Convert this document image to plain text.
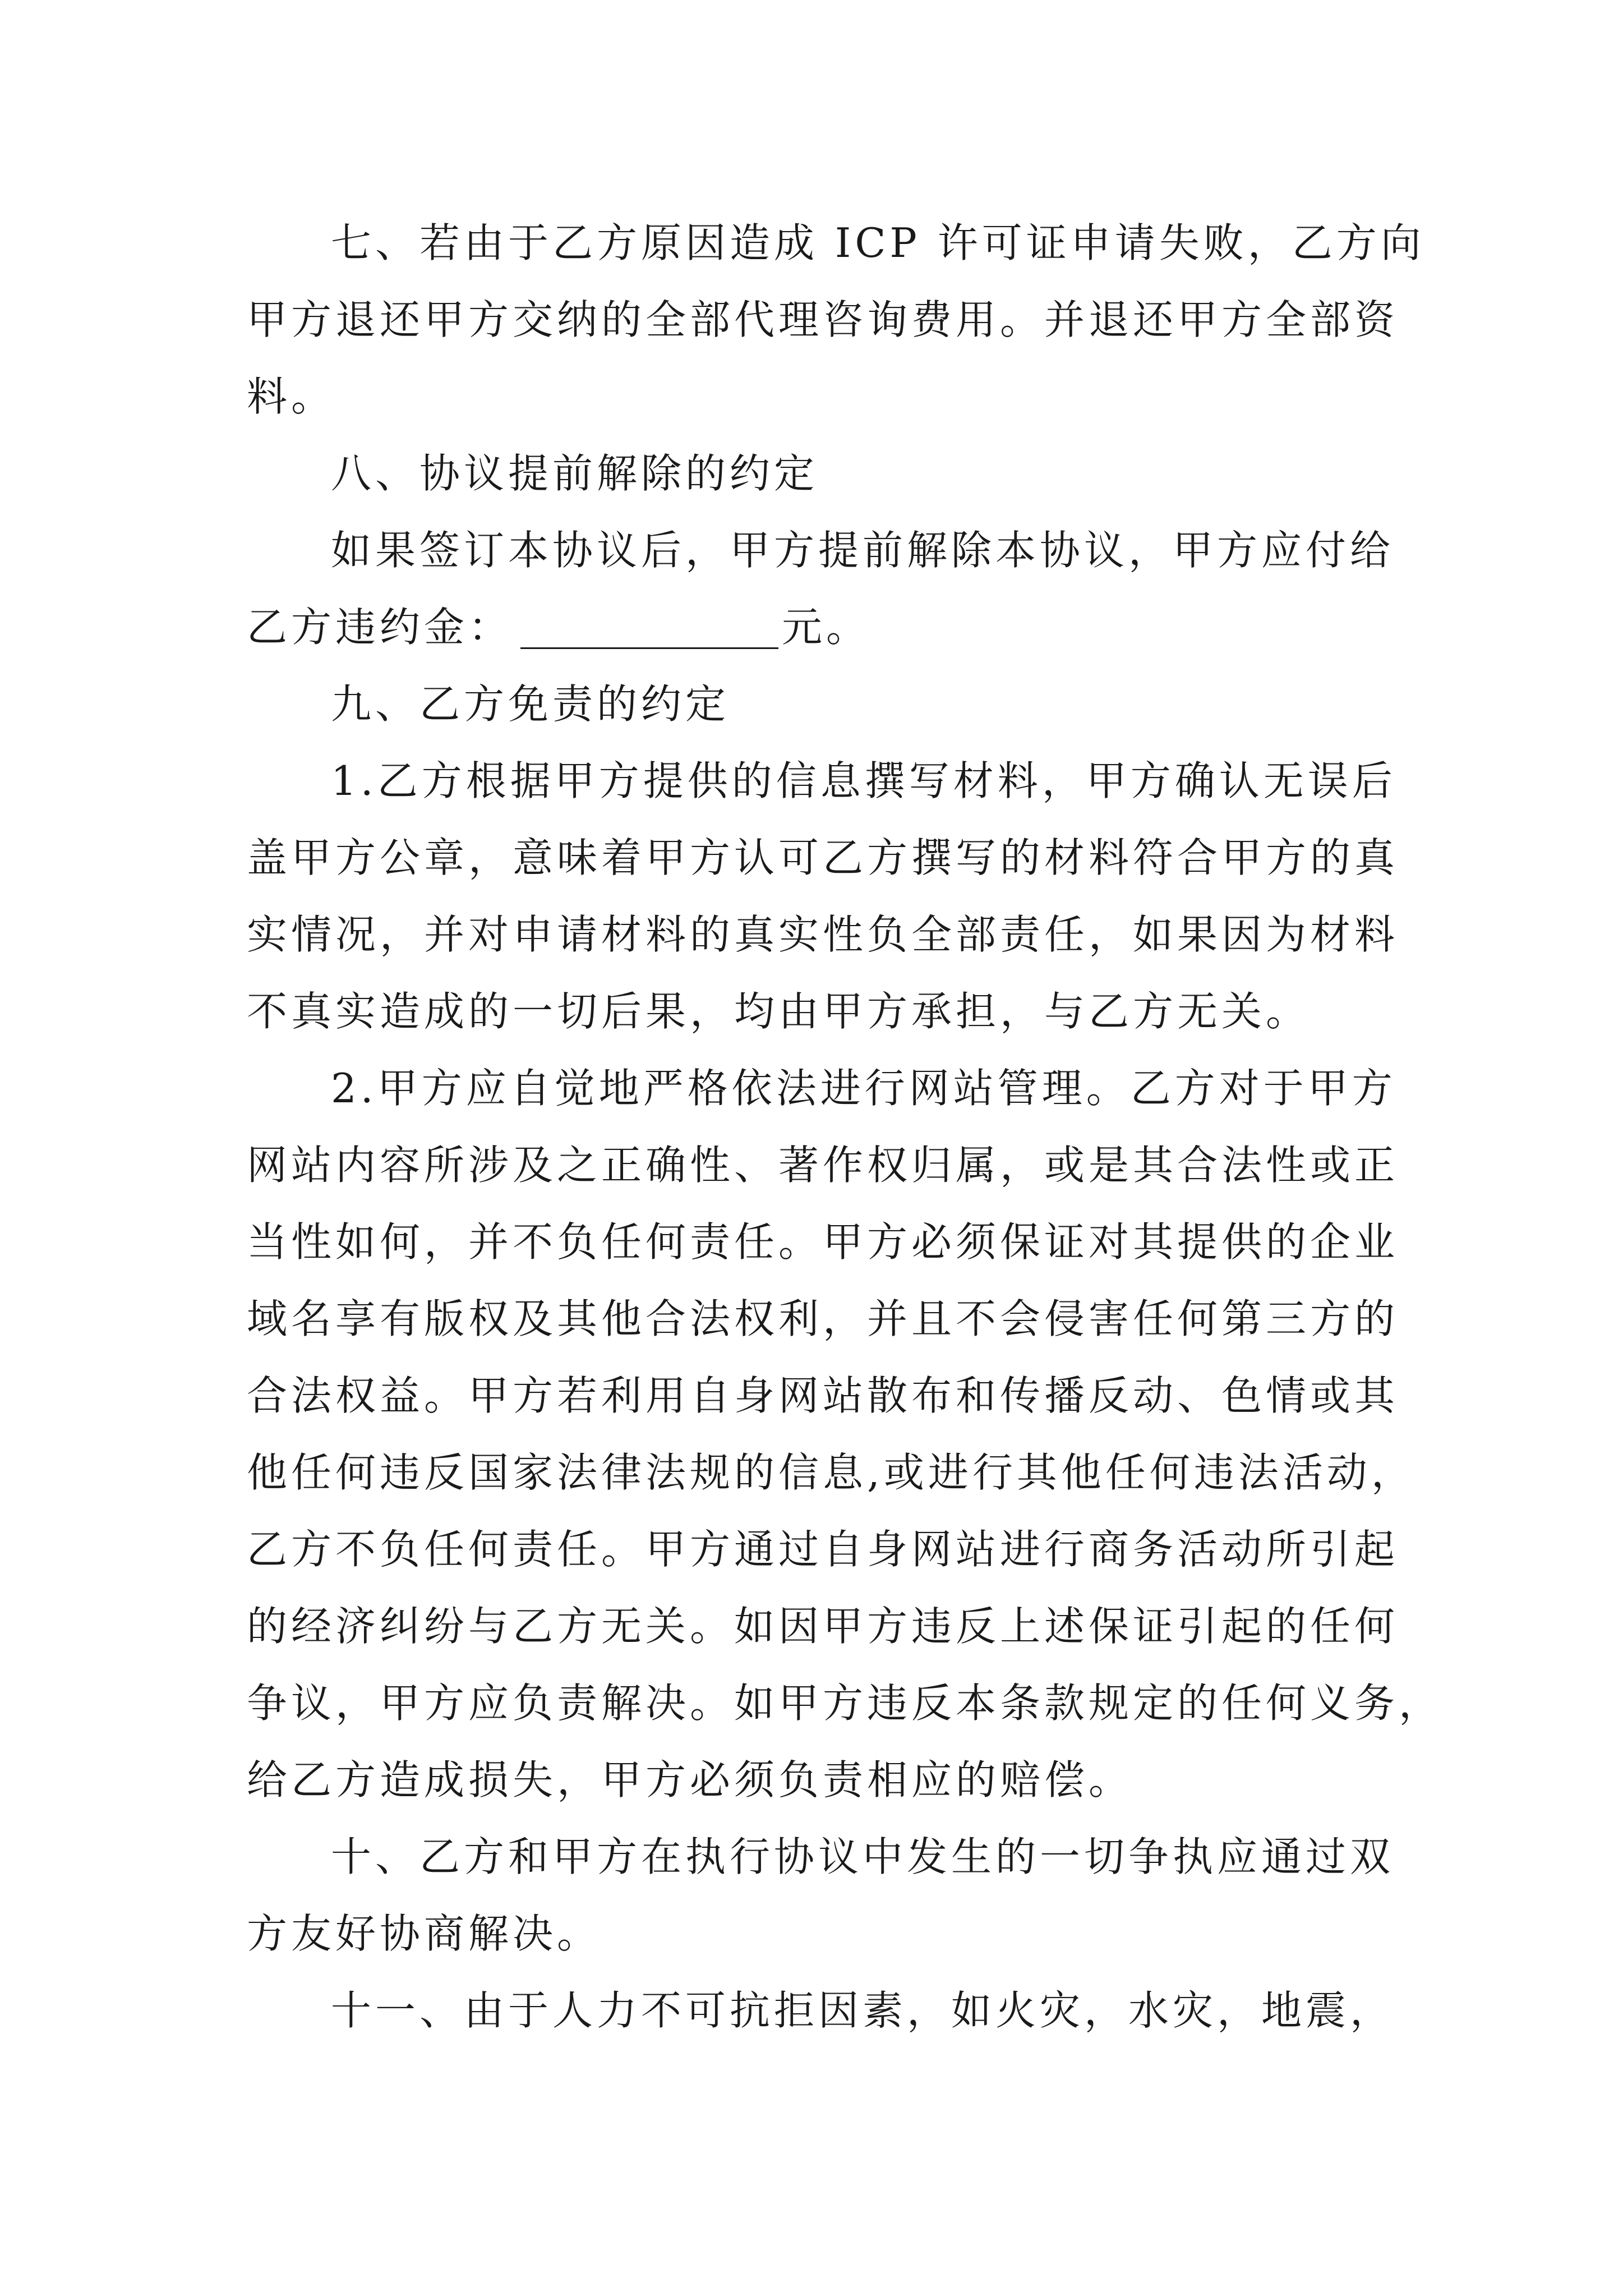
七、若由于乙方原因造成 ICP 许可证申请失败，乙方向
甲方退还甲方交纳的全部代理咨询费用。并退还甲方全部资
料。
八、协议提前解除的约定
如果签订本协议后，甲方提前解除本协议，甲方应付给
乙方违约金：	元。
九、乙方免责的约定
1.乙方根据甲方提供的信息撰写材料，甲方确认无误后
盖甲方公章，意味着甲方认可乙方撰写的材料符合甲方的真
实情况，并对申请材料的真实性负全部责任，如果因为材料
不真实造成的一切后果，均由甲方承担，与乙方无关。
2.甲方应自觉地严格依法进行网站管理。乙方对于甲方
网站内容所涉及之正确性、著作权归属，或是其合法性或正
当性如何，并不负任何责任。甲方必须保证对其提供的企业
域名享有版权及其他合法权利，并且不会侵害任何第三方的
合法权益。甲方若利用自身网站散布和传播反动、色情或其
他任何违反国家法律法规的信息,或进行其他任何违法活动，
乙方不负任何责任。甲方通过自身网站进行商务活动所引起
的经济纠纷与乙方无关。如因甲方违反上述保证引起的任何
争议，甲方应负责解决。如甲方违反本条款规定的任何义务，
给乙方造成损失，甲方必须负责相应的赔偿。
十、乙方和甲方在执行协议中发生的一切争执应通过双
方友好协商解决。
十一、由于人力不可抗拒因素，如火灾，水灾，地震，
